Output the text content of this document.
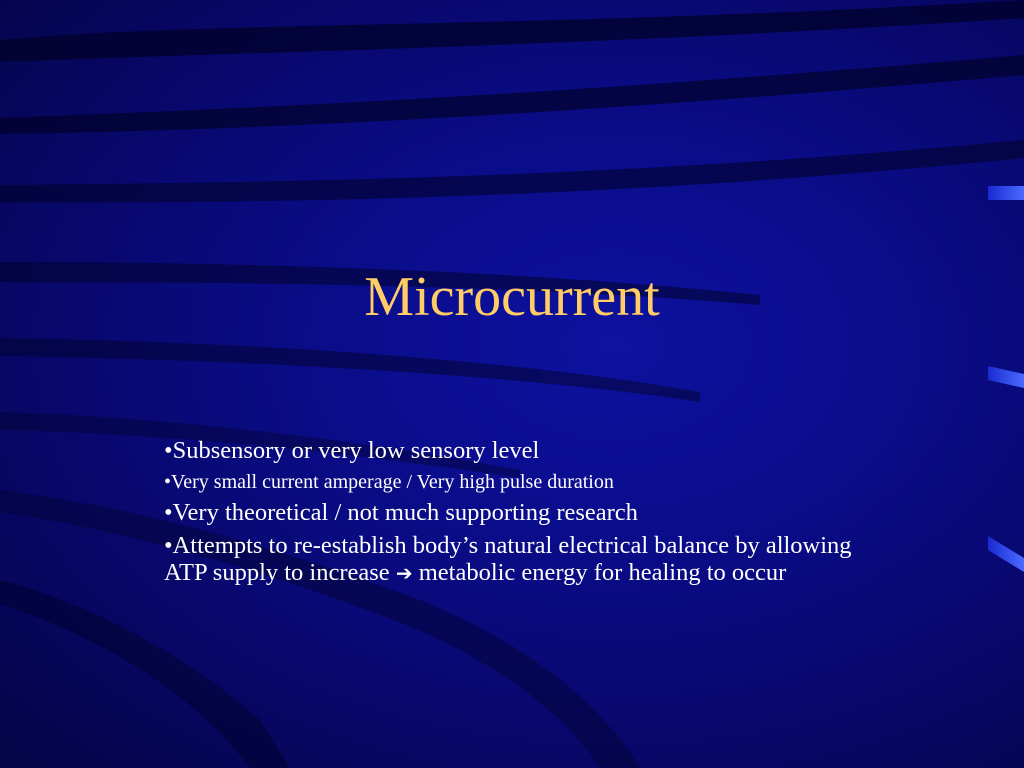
Microcurrent
•Subsensory or very low sensory level
•Very small current amperage / Very high pulse duration
•Very theoretical / not much supporting research
•Attempts to re-establish body’s natural electrical balance by allowing ATP supply to increase ➔ metabolic energy for healing to occur
